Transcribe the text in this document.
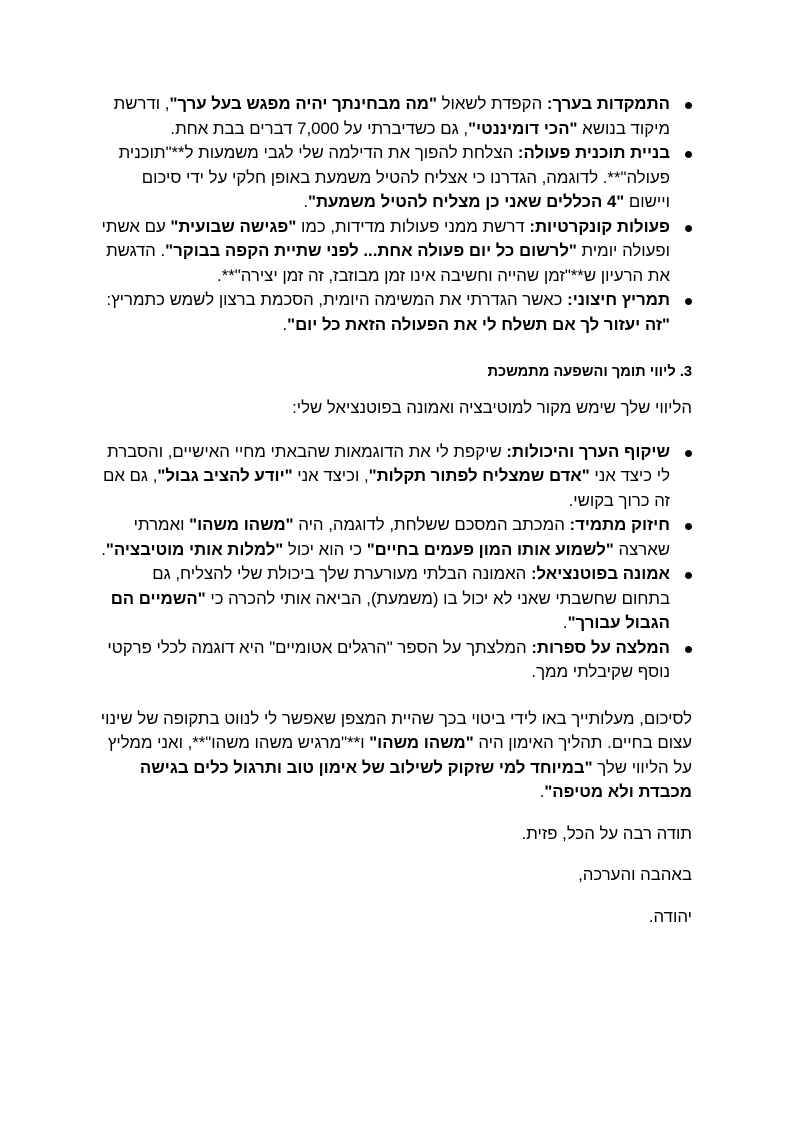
התמקדות בערך: הקפדת לשאול "מה מבחינתך יהיה מפגש בעל ערך", ודרשת מיקוד בנושא "הכי דומיננטי", גם כשדיברתי על 7,000 דברים בבת אחת.
בניית תוכנית פעולה: הצלחת להפוך את הדילמה שלי לגבי משמעות ל**"תוכנית פעולה"**. לדוגמה, הגדרנו כי אצליח להטיל משמעת באופן חלקי על ידי סיכום ויישום "4 הכללים שאני כן מצליח להטיל משמעת".
פעולות קונקרטיות: דרשת ממני פעולות מדידות, כמו "פגישה שבועית" עם אשתי ופעולה יומית "לרשום כל יום פעולה אחת... לפני שתיית הקפה בבוקר". הדגשת את הרעיון ש**"זמן שהייה וחשיבה אינו זמן מבוזבז, זה זמן יצירה"**.
תמריץ חיצוני: כאשר הגדרתי את המשימה היומית, הסכמת ברצון לשמש כתמריץ: "זה יעזור לך אם תשלח לי את הפעולה הזאת כל יום".
3. ליווי תומך והשפעה מתמשכת

הליווי שלך שימש מקור למוטיבציה ואמונה בפוטנציאל שלי:

שיקוף הערך והיכולות: שיקפת לי את הדוגמאות שהבאתי מחיי האישיים, והסברת לי כיצד אני "אדם שמצליח לפתור תקלות", וכיצד אני "יודע להציב גבול", גם אם זה כרוך בקושי.
חיזוק מתמיד: המכתב המסכם ששלחת, לדוגמה, היה "משהו משהו" ואמרתי שארצה "לשמוע אותו המון פעמים בחיים" כי הוא יכול "למלות אותי מוטיבציה".
אמונה בפוטנציאל: האמונה הבלתי מעורערת שלך ביכולת שלי להצליח, גם בתחום שחשבתי שאני לא יכול בו (משמעת), הביאה אותי להכרה כי "השמיים הם הגבול עבורך".
המלצה על ספרות: המלצתך על הספר "הרגלים אטומיים" היא דוגמה לכלי פרקטי נוסף שקיבלתי ממך.

לסיכום, מעלותייך באו לידי ביטוי בכך שהיית המצפן שאפשר לי לנווט בתקופה של שינוי עצום בחיים. תהליך האימון היה "משהו משהו" ו**"מרגיש משהו משהו"**, ואני ממליץ על הליווי שלך "במיוחד למי שזקוק לשילוב של אימון טוב ותרגול כלים בגישה מכבדת ולא מטיפה".

תודה רבה על הכל, פזית.

באהבה והערכה,

יהודה.
